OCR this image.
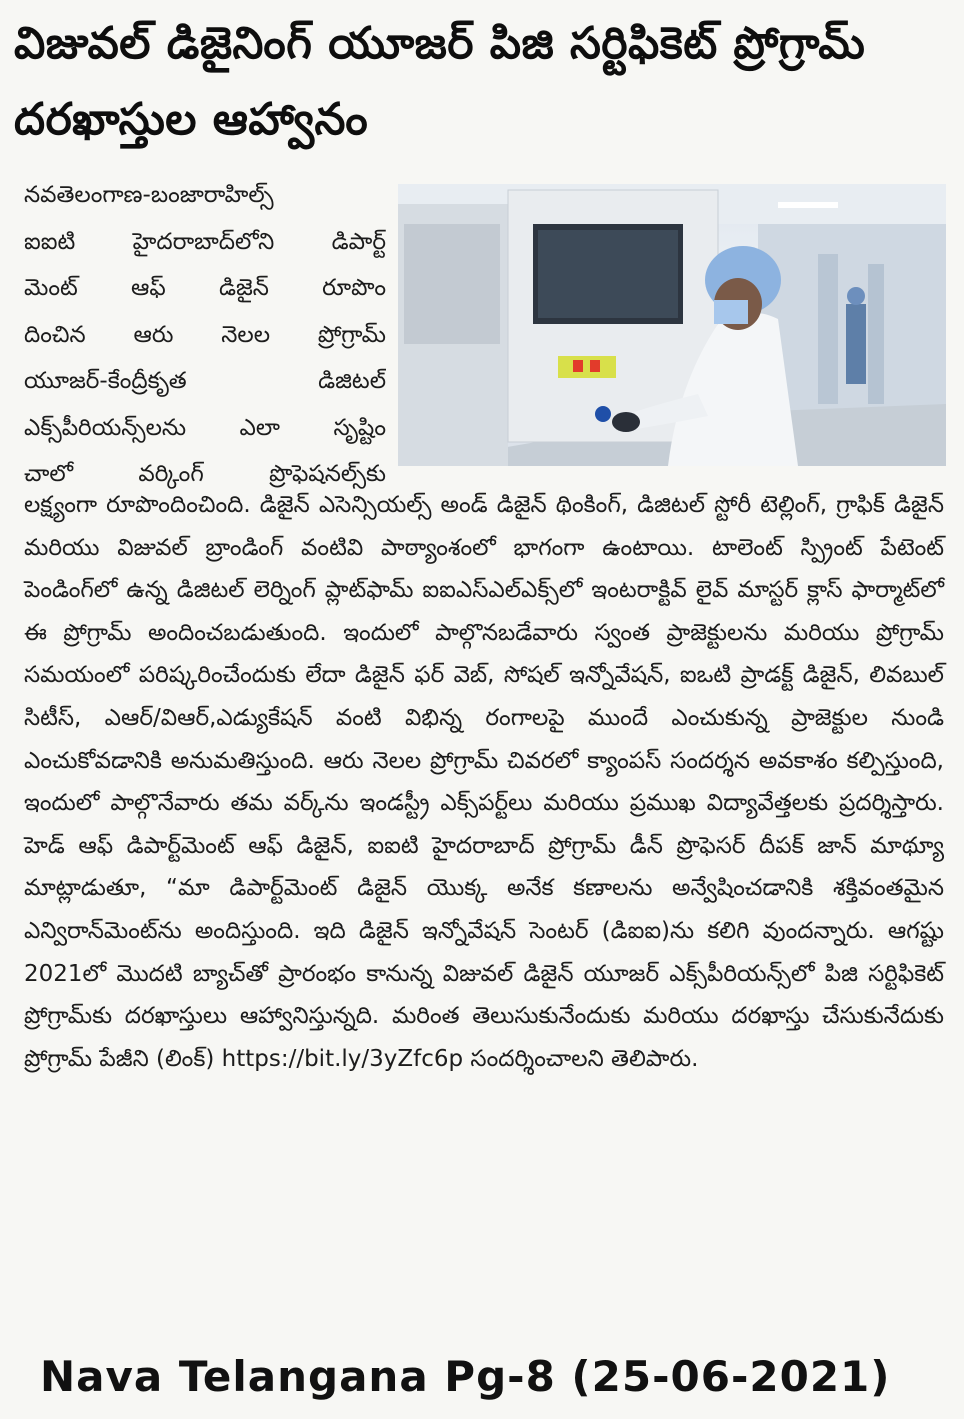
విజువల్ డిజైనింగ్ యూజర్ పిజి సర్టిఫికెట్ ప్రోగ్రామ్ దరఖాస్తుల ఆహ్వానం

నవతెలంగాణ-బంజారాహిల్స్
ఐఐటి హైదరాబాద్‌లోని డిపార్ట్
మెంట్ ఆఫ్ డిజైన్ రూపొం
దించిన ఆరు నెలల ప్రోగ్రామ్
యూజర్-కేంద్రీకృత డిజిటల్
ఎక్స్‌పీరియన్స్‌లను ఎలా సృష్టిం
చాలో వర్కింగ్ ప్రొఫెషనల్స్‌కు

లక్ష్యంగా రూపొందించింది. డిజైన్ ఎసెన్సియల్స్ అండ్ డిజైన్ థింకింగ్, డిజిటల్ స్టోరీ టెల్లింగ్, గ్రాఫిక్ డిజైన్ మరియు విజువల్ బ్రాండింగ్ వంటివి పాఠ్యాంశంలో భాగంగా ఉంటాయి. టాలెంట్ స్ప్రింట్ పేటెంట్ పెండింగ్‌లో ఉన్న డిజిటల్ లెర్నింగ్ ప్లాట్‌ఫామ్ ఐఐఎస్ఎల్‌ఎక్స్‌లో ఇంటరాక్టివ్ లైవ్ మాస్టర్ క్లాస్ ఫార్మాట్‌లో ఈ ప్రోగ్రామ్ అందించబడుతుంది. ఇందులో పాల్గొనబడేవారు స్వంత ప్రాజెక్టులను మరియు ప్రోగ్రామ్ సమయంలో పరిష్కరించేందుకు లేదా డిజైన్ ఫర్ వెబ్, సోషల్ ఇన్నోవేషన్, ఐఒటి ప్రాడక్ట్ డిజైన్, లివబుల్ సిటీస్, ఎఆర్/విఆర్,ఎడ్యుకేషన్ వంటి విభిన్న రంగాలపై ముందే ఎంచుకున్న ప్రాజెక్టుల నుండి ఎంచుకోవడానికి అనుమతిస్తుంది. ఆరు నెలల ప్రోగ్రామ్ చివరలో క్యాంపస్ సందర్శన అవకాశం కల్పిస్తుంది, ఇందులో పాల్గొనేవారు తమ వర్క్‌ను ఇండస్ట్రీ ఎక్స్‌పర్ట్‌లు మరియు ప్రముఖ విద్యావేత్తలకు ప్రదర్శిస్తారు. హెడ్ ఆఫ్ డిపార్ట్‌మెంట్ ఆఫ్ డిజైన్, ఐఐటి హైదరాబాద్ ప్రోగ్రామ్ డీన్ ప్రొఫెసర్ దీపక్ జాన్ మాథ్యూ మాట్లాడుతూ, “మా డిపార్ట్‌మెంట్ డిజైన్ యొక్క అనేక కణాలను అన్వేషించడానికి శక్తివంతమైన ఎన్విరాన్‌మెంట్‌ను అందిస్తుంది. ఇది డిజైన్ ఇన్నోవేషన్ సెంటర్ (డిఐఐ)ను కలిగి వుందన్నారు. ఆగష్టు 2021లో మొదటి బ్యాచ్‌తో ప్రారంభం కానున్న విజువల్ డిజైన్ యూజర్ ఎక్స్‌పీరియన్స్‌లో పిజి సర్టిఫికెట్ ప్రోగ్రామ్‌కు దరఖాస్తులు ఆహ్వానిస్తున్నది. మరింత తెలుసుకునేందుకు మరియు దరఖాస్తు చేసుకునేదుకు ప్రోగ్రామ్ పేజీని (లింక్) https://bit.ly/3yZfc6p సందర్శించాలని తెలిపారు.

Nava Telangana Pg-8 (25-06-2021)
